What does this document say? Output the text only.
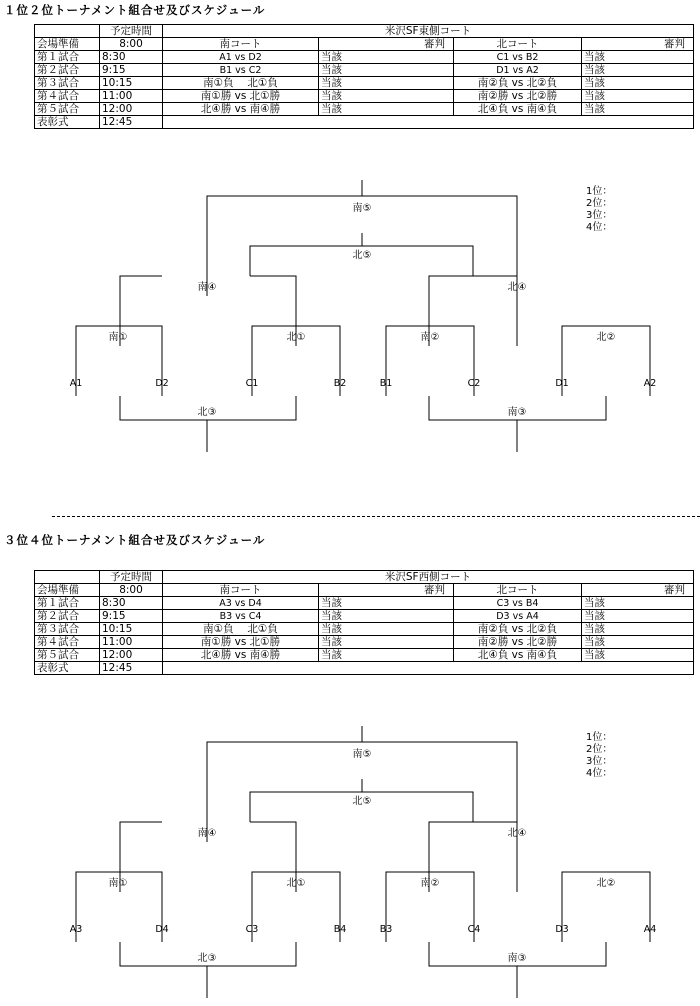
１位２位トーナメント組合せ及びスケジュール
	予定時間	米沢SF東側コート			
会場準備	8:00	南コート	審判	北コート	審判
第１試合	8:30	A1 vs D2	当該	C1 vs B2	当該
第２試合	9:15	B1 vs C2	当該	D1 vs A2	当該
第３試合	10:15	南①負　 北①負	当該	南②負 vs 北②負	当該
第４試合	11:00	南①勝 vs 北①勝	当該	南②勝 vs 北②勝	当該
第５試合	12:00	北④勝 vs 南④勝	当該	北④負 vs 南④負	当該
表彰式	12:45				
南⑤
北⑤
南④	北④
南①	北①	南②	北②
A1	D2	C1	B2	B1	C2	D1	A2
北③	南③
1位：
2位：
3位：
4位：
３位４位トーナメント組合せ及びスケジュール
	予定時間	米沢SF西側コート			
会場準備	8:00	南コート	審判	北コート	審判
第１試合	8:30	A3 vs D4	当該	C3 vs B4	当該
第２試合	9:15	B3 vs C4	当該	D3 vs A4	当該
第３試合	10:15	南①負　 北①負	当該	南②負 vs 北②負	当該
第４試合	11:00	南①勝 vs 北①勝	当該	南②勝 vs 北②勝	当該
第５試合	12:00	北④勝 vs 南④勝	当該	北④負 vs 南④負	当該
表彰式	12:45				
南⑤
北⑤
南④	北④
南①	北①	南②	北②
A3	D4	C3	B4	B3	C4	D3	A4
北③	南③
1位：
2位：
3位：
4位：
